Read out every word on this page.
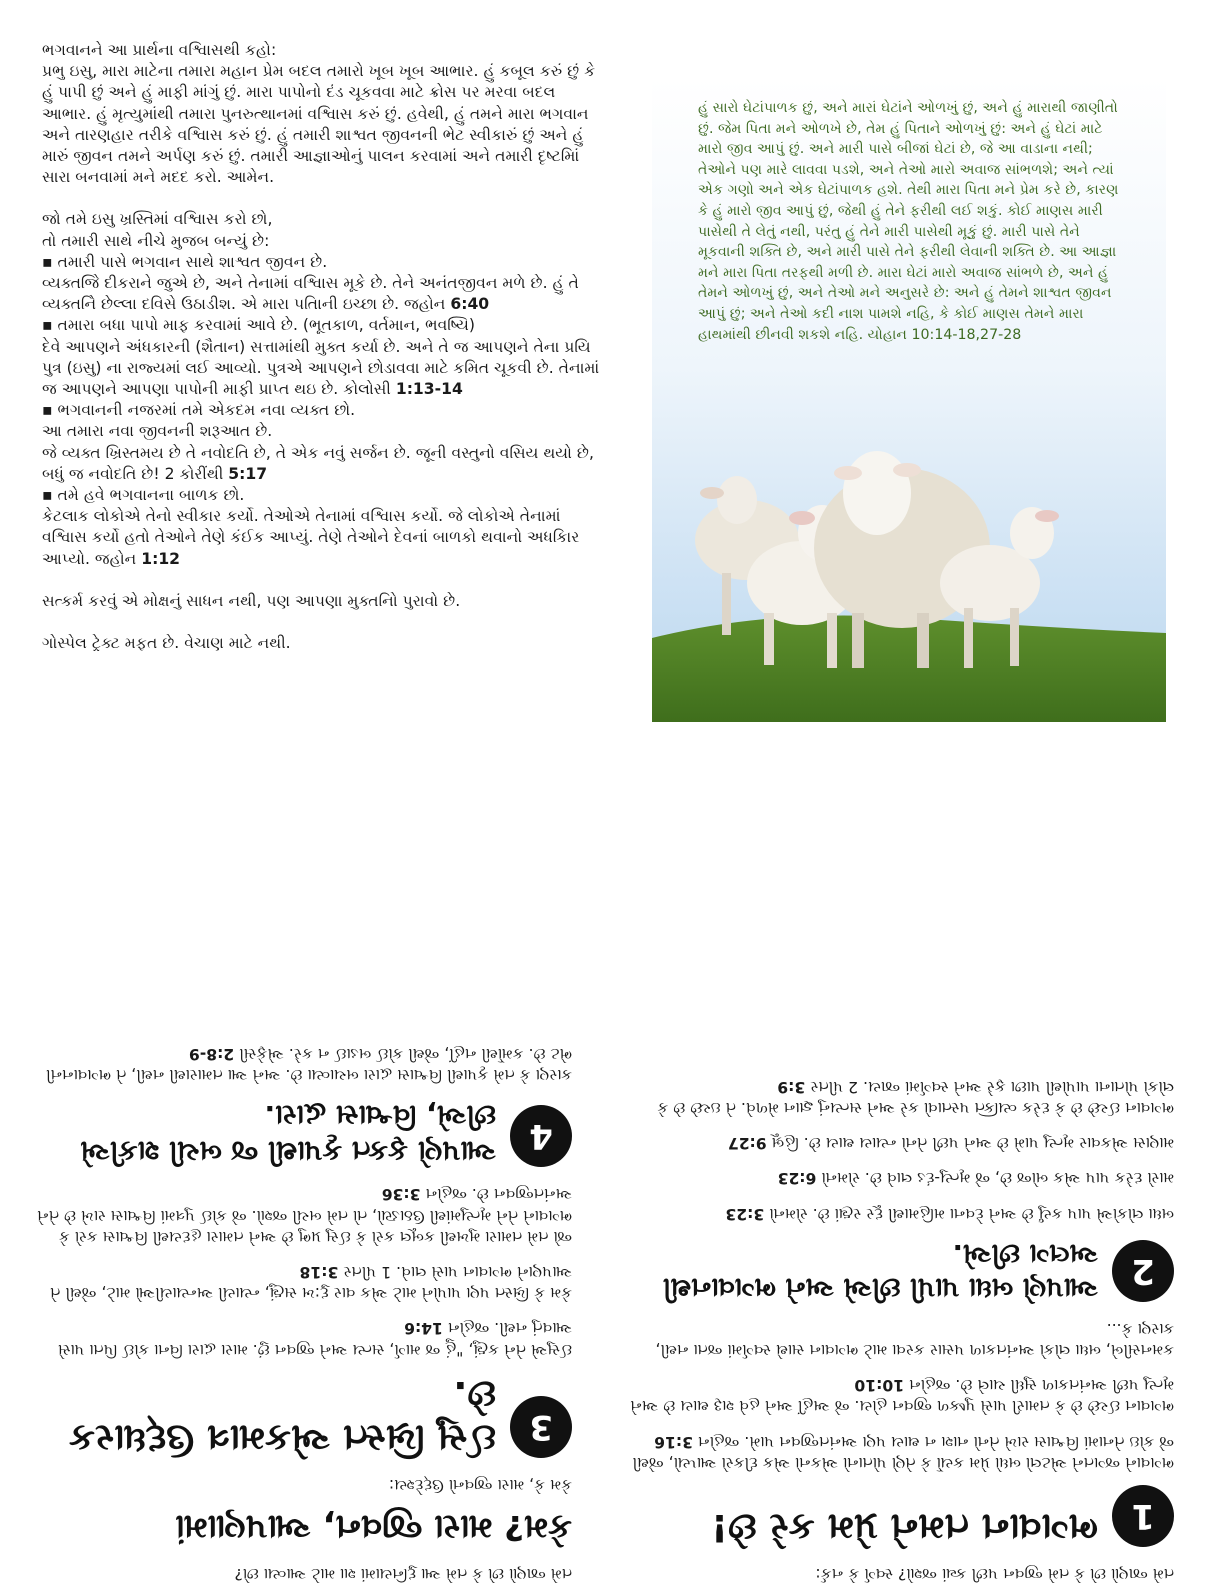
ભગવાનને આ પ્રાર્થના વશ્વિાસથી કહો:

પ્રભુ ઇસુ, મારા માટેના તમારા મહાન પ્રેમ બદલ તમારો ખૂબ ખૂબ આભાર. હું કબૂલ કરું છું કે હું પાપી છું અને હું માફી માંગું છું. મારા પાપોનો દંડ ચૂકવવા માટે ક્રોસ પર મરવા બદલ આભાર. હું મૃત્યુમાંથી તમારા પુનરુત્થાનમાં વશ્વિાસ કરું છું. હવેથી, હું તમને મારા ભગવાન અને તારણહાર તરીકે વશ્વિાસ કરું છું. હું તમારી શાશ્વત જીવનની ભેટ સ્વીકારું છું અને હું મારું જીવન તમને અર્પણ કરું છું. તમારી આજ્ઞાઓનું પાલન કરવામાં અને તમારી દૃષ્ટમિાં સારા બનવામાં મને મદદ કરો. આમેન.

જો તમે ઇસુ ખ્રસ્તિમાં વશ્વિાસ કરો છો,
તો તમારી સાથે નીચે મુજબ બન્યું છે:

▪ તમારી પાસે ભગવાન સાથે શાશ્વત જીવન છે.

વ્યક્તજિે દીકરાને જુએ છે, અને તેનામાં વશ્વિાસ મૂકે છે. તેને અનંતજીવન મળે છે. હું તે વ્યક્તનિે છેલ્લા દવિસે ઉઠાડીશ. એ મારા પતિાની ઇચ્છા છે. જહોન 6:40

▪ તમારા બધા પાપો માફ કરવામાં આવે છે. (ભૂતકાળ, વર્તમાન, ભવષ્યિ)

દેવે આપણને અંધકારની (શૈતાન) સત્તામાંથી મુક્ત કર્યા છે. અને તે જ આપણને તેના પ્રયિ પુત્ર (ઇસુ) ના રાજ્યમાં લઈ આવ્યો. પુત્રએ આપણને છોડાવવા માટે કમિત ચૂકવી છે. તેનામાં જ આપણને આપણા પાપોની માફી પ્રાપ્ત થઇ છે. કોલોસી 1:13-14

▪ ભગવાનની નજરમાં તમે એકદમ નવા વ્યક્ત છો.

આ તમારા નવા જીવનની શરૂઆત છે.
જે વ્યક્ત ખ્રિસ્તમય છે તે નવોદતિ છે, તે એક નવું સર્જન છે. જૂની વસ્તુનો વસિય થયો છે, બધું જ નવોદતિ છે! 2 કોરીંથી 5:17

▪ તમે હવે ભગવાનના બાળક છો.

કેટલાક લોકોએ તેનો સ્વીકાર કર્યો. તેઓએ તેનામાં વશ્વિાસ કર્યો. જે લોકોએ તેનામાં વશ્વિાસ કર્યો હતો તેઓને તેણે કંઈક આપ્યું. તેણે તેઓને દેવનાં બાળકો થવાનો અધકિાર આપ્યો. જહોન 1:12

સત્કર્મ કરવું એ મોક્ષનું સાધન નથી, પણ આપણા મુક્તનિો પુરાવો છે.

ગોસ્પેલ ટ્રેક્ટ મફત છે. વેચાણ માટે નથી.

હું સારો ઘેટાંપાળક છું, અને મારાં ઘેટાંને ઓળખું છું, અને હું મારાથી જાણીતો છું. જેમ પિતા મને ઓળખે છે, તેમ હું પિતાને ઓળખું છું: અને હું ઘેટાં માટે મારો જીવ આપું છું. અને મારી પાસે બીજાં ઘેટાં છે, જે આ વાડાના નથી; તેઓને પણ મારે લાવવા પડશે, અને તેઓ મારો અવાજ સાંભળશે; અને ત્યાં એક ગણો અને એક ઘેટાંપાળક હશે. તેથી મારા પિતા મને પ્રેમ કરે છે, કારણ કે હું મારો જીવ આપું છું, જેથી હું તેને ફરીથી લઈ શકું. કોઈ માણસ મારી પાસેથી તે લેતું નથી, પરંતુ હું તેને મારી પાસેથી મૂકું છું. મારી પાસે તેને મૂકવાની શક્તિ છે, અને મારી પાસે તેને ફરીથી લેવાની શક્તિ છે. આ આજ્ઞા મને મારા પિતા તરફથી મળી છે. મારા ઘેટાં મારો અવાજ સાંભળે છે, અને હું તેમને ઓળખું છું, અને તેઓ મને અનુસરે છે: અને હું તેમને શાશ્વત જીવન આપું છું; અને તેઓ કદી નાશ પામશે નહિ, કે કોઈ માણસ તેમને મારા હાથમાંથી છીનવી શકશે નહિ. યોહાન 10:14-18,27-28

તમે જાણો છો કે તમે જીવન પછી ક્યાં જશો? સ્વર્ગ કે નર્ક:

1
ભગવાન તમને પ્રેમ કરે છે!

ભગવાને જગતને એટલો બધો પ્રેમ કર્યો કે તેણે પોતાનો એકનો એક દીકરો આપ્યો, જેથી જે કોઇ તેનામાં વિશ્વાસ રાખે તેનો નાશ ન થાય પણ અનંતજીવન પામે. જહોન 3:16

ભગવાન ઈચ્છે છે કે તમારી પાસે પુષ્કળ જીવન હોય. જે અહીં અને હવે શરૂ થાય છે અને મૃત્યુ પછી અનંતકાળ સુધી ચાલે છે. જહોન 10:10

કમનસીબે, બધા લોકો અનંતકાળ પસાર કરવા માટે ભગવાન સાથે સ્વર્ગમાં જતા નથી, કારણ કે...

2
આપણે બધા પાપી છીએ અને ભગવાનથી અલગ છીએ.

બધા લોકોએ પાપ કર્યું છે અને દેવના મહિમાથી દૂર રહ્યાં છે. રોમનો 3:23

મારો દરેક પાપ એક બોજ છે, જે મૃત્યુ-દંડ લાવે છે. રોમનો 6:23

માણસ એકવાર મૃત્યુ પામે છે અને પછી તેનો ન્યાય થાય છે. હિબ્રૂ 9:27

ભગવાન ઈચ્છે છે કે દરેક વ્યક્તિ પસ્તાવો કરે અને સત્યનું જ્ઞાન મેળવે. તે ઇચ્છે છે કે લોકો પોતાના પાપોથી પાછા ફરે અને સ્વર્ગમાં જાય. 2 પીતર 3:9

તમે જાણો છો કે તમે આ દુનિયામાં શા માટે આવ્યા છો?

કેમ? મારા જીવન, આપણામાં

કેમ કે, મારા જીવનો ઉદ્દેશ્ય:

3
ઈસુ ખ્રિસ્ત એકમાત્ર ઉદ્ધારક છે.

ઈસુએ તેને કહ્યું, "હું જ માર્ગ, સત્ય અને જીવન છું. મારા દ્વારા વિના કોઈ પિતા પાસે આવતું નથી. જહોન 14:6

કેમ કે ખ્રિસ્ત પણ પાપોને માટે એક વાર દુ:ખ સહ્યું, ન્યાયી અન્યાયીઓ માટે, જેથી તે આપણને ભગવાન પાસે લાવે. 1 પીતર 3:18

જો તમે તમારા મુખથી કબૂલ કરો કે ઈસુ પ્રભુ છે અને તમારા હૃદયથી વિશ્વાસ કરો કે ભગવાને તેને મૃત્યુમાંથી ઉઠાડ્યો, તો તમે બચી જશો. જે કોઈ પુત્રમાં વિશ્વાસ રાખે છે તેને અનંતજીવન છે. જહોન 3:36

4
આપણે ફક્ત કૃપાથી જ બચી શકીએ છીએ, વિશ્વાસ દ્વારા.

કારણ કે તમે કૃપાથી વિશ્વાસ દ્વારા બચાવ્યા છે. અને આ તમારાથી નથી, તે ભગવાનની ભેટ છે. કર્મોથી નહીં, જેથી કોઈ બડાઈ ન કરે. એફેસી 2:8-9
